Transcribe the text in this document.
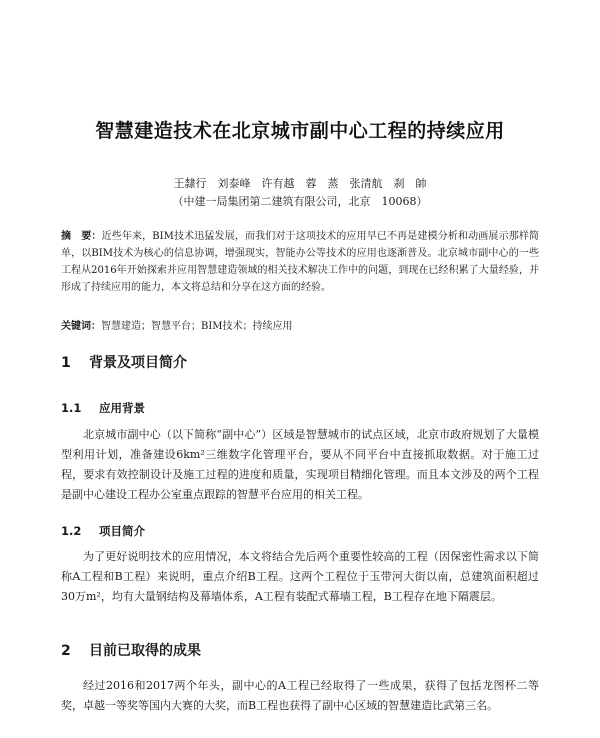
智慧建造技术在北京城市副中心工程的持续应用
王隸行　刘泰峰　许有越　蓉　蒸　张清航　刹　帥
（中建一局集团第二建筑有限公司，北京　10068）
摘　要：近些年来，BIM技术迅猛发展，而我们对于这项技术的应用早已不再是建模分析和动画展示那样简单，以BIM技术为核心的信息协调，增强现实，智能办公等技术的应用也逐渐普及。北京城市副中心的一些工程从2016年开始探索并应用智慧建造领域的相关技术解决工作中的问题，到现在已经积累了大量经验，并形成了持续应用的能力，本文将总结和分享在这方面的经验。
关键词：智慧建造；智慧平台；BIM技术；持续应用
1 背景及项目简介
1.1 应用背景
北京城市副中心（以下简称“副中心”）区域是智慧城市的试点区域，北京市政府规划了大量模型利用计划，准备建设6km²三维数字化管理平台，要从不同平台中直接抓取数据。对于施工过程，要求有效控制设计及施工过程的进度和质量，实现项目精细化管理。而且本文涉及的两个工程是副中心建设工程办公室重点跟踪的智慧平台应用的相关工程。
1.2 项目简介
为了更好说明技术的应用情况，本文将结合先后两个重要性较高的工程（因保密性需求以下简称A工程和B工程）来说明，重点介绍B工程。这两个工程位于玉带河大街以南，总建筑面积超过30万m²，均有大量钢结构及幕墙体系，A工程有装配式幕墙工程，B工程存在地下隔震层。
2 目前已取得的成果
经过2016和2017两个年头，副中心的A工程已经取得了一些成果，获得了包括龙图杯二等奖，卓越一等奖等国内大赛的大奖，而B工程也获得了副中心区域的智慧建造比武第三名。
